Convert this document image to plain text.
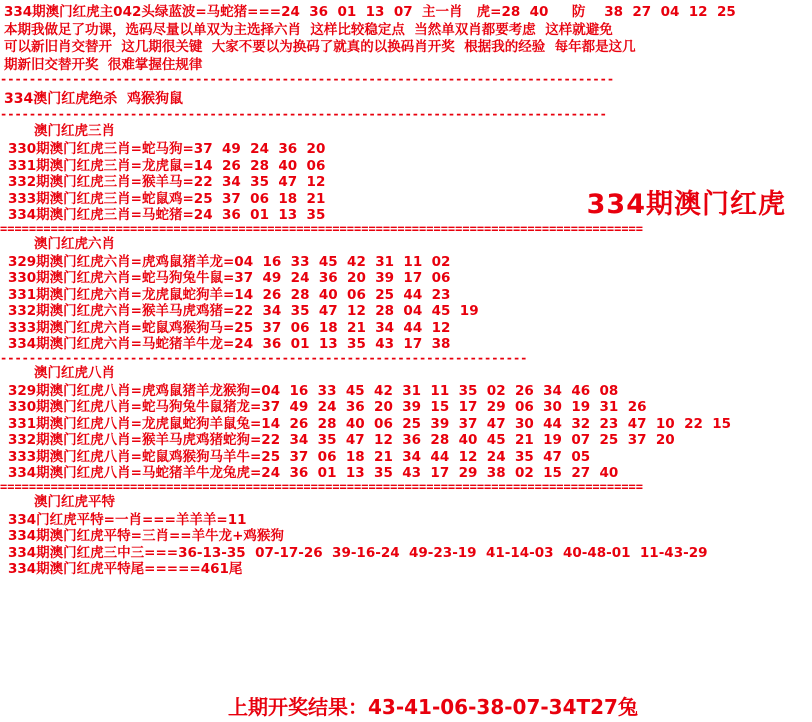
334期澳门红虎主042头绿蓝波=马蛇猪===24  36  01  13  07  主一肖   虎=28  40     防    38  27  04  12  25
本期我做足了功课，选码尽量以单双为主选择六肖  这样比较稳定点  当然单双肖都要考虑  这样就避免
可以新旧肖交替开  这几期很关键  大家不要以为换码了就真的以换码肖开奖  根据我的经验  每年都是这几
期新旧交替开奖  很难掌握住规律
-------------------------------------------------------------------------------------
334澳门红虎绝杀  鸡猴狗鼠
------------------------------------------------------------------------------------
澳门红虎三肖
330期澳门红虎三肖=蛇马狗=37  49  24  36  20
331期澳门红虎三肖=龙虎鼠=14  26  28  40  06
332期澳门红虎三肖=猴羊马=22  34  35  47  12
333期澳门红虎三肖=蛇鼠鸡=25  37  06  18  21
334期澳门红虎三肖=马蛇猪=24  36  01  13  35
=========================================================================================
澳门红虎六肖
329期澳门红虎六肖=虎鸡鼠猪羊龙=04  16  33  45  42  31  11  02
330期澳门红虎六肖=蛇马狗兔牛鼠=37  49  24  36  20  39  17  06
331期澳门红虎六肖=龙虎鼠蛇狗羊=14  26  28  40  06  25  44  23
332期澳门红虎六肖=猴羊马虎鸡猪=22  34  35  47  12  28  04  45  19
333期澳门红虎六肖=蛇鼠鸡猴狗马=25  37  06  18  21  34  44  12
334期澳门红虎六肖=马蛇猪羊牛龙=24  36  01  13  35  43  17  38
-------------------------------------------------------------------------
澳门红虎八肖
329期澳门红虎八肖=虎鸡鼠猪羊龙猴狗=04  16  33  45  42  31  11  35  02  26  34  46  08
330期澳门红虎八肖=蛇马狗兔牛鼠猪龙=37  49  24  36  20  39  15  17  29  06  30  19  31  26
331期澳门红虎八肖=龙虎鼠蛇狗羊鼠兔=14  26  28  40  06  25  39  37  47  30  44  32  23  47  10  22  15
332期澳门红虎八肖=猴羊马虎鸡猪蛇狗=22  34  35  47  12  36  28  40  45  21  19  07  25  37  20
333期澳门红虎八肖=蛇鼠鸡猴狗马羊牛=25  37  06  18  21  34  44  12  24  35  47  05
334期澳门红虎八肖=马蛇猪羊牛龙兔虎=24  36  01  13  35  43  17  29  38  02  15  27  40
=========================================================================================
澳门红虎平特
334门红虎平特=一肖===羊羊羊=11
334期澳门红虎平特=三肖==羊牛龙+鸡猴狗
334期澳门红虎三中三===36-13-35  07-17-26  39-16-24  49-23-19  41-14-03  40-48-01  11-43-29
334期澳门红虎平特尾=====461尾
334期澳门红虎
上期开奖结果：43-41-06-38-07-34T27兔
